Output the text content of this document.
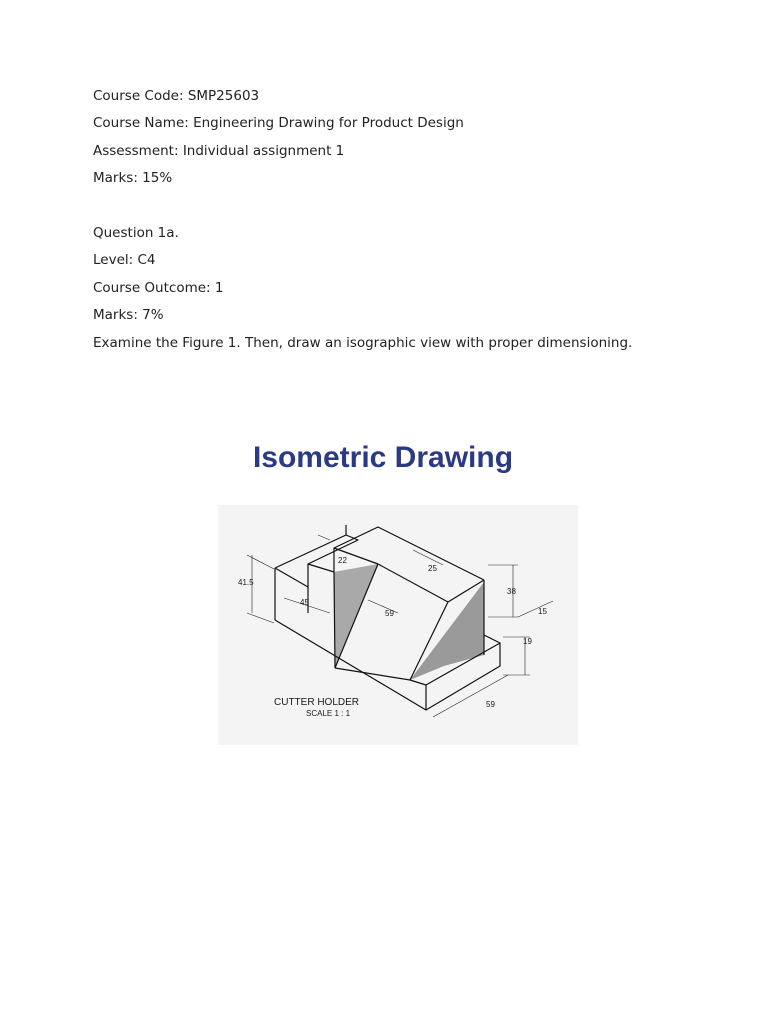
Course Code: SMP25603
Course Name: Engineering Drawing for Product Design
Assessment: Individual assignment 1
Marks: 15%
Question 1a.
Level: C4
Course Outcome: 1
Marks: 7%
Examine the Figure 1. Then, draw an isographic view with proper dimensioning.
Isometric Drawing
41.5
22
25
45
59
38
15
19
59
CUTTER HOLDER
SCALE 1 : 1
